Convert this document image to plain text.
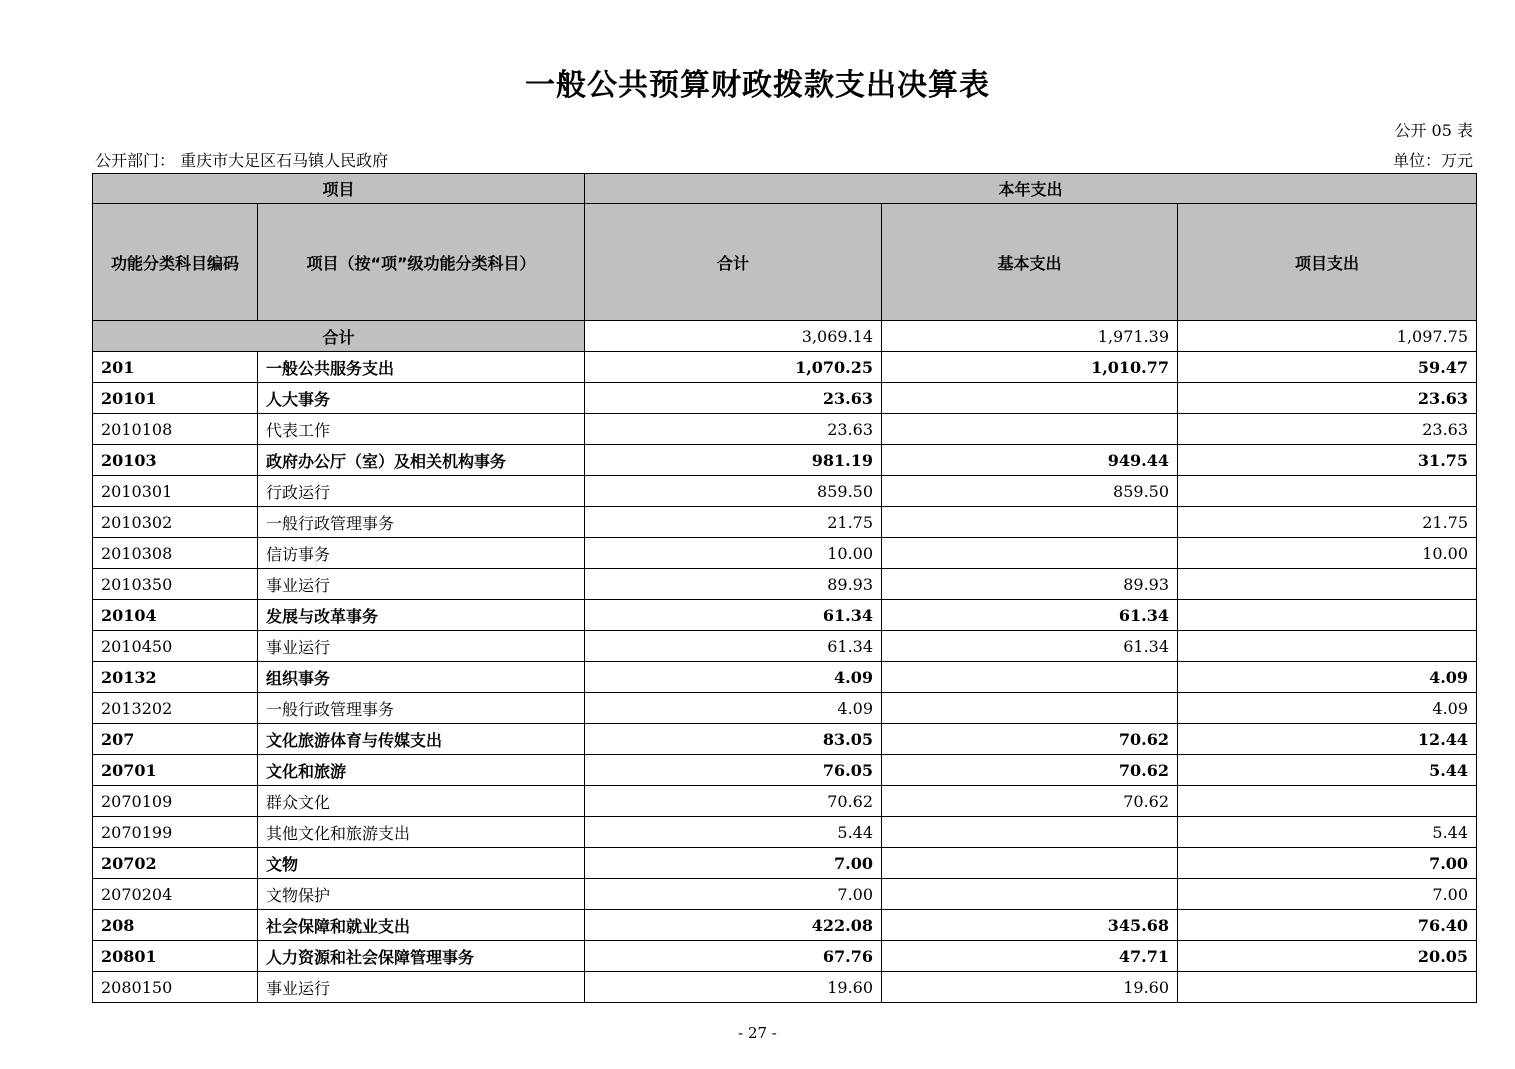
一般公共预算财政拨款支出决算表
公开 05 表
公开部门： 重庆市大足区石马镇人民政府	单位：万元
项目		本年支出		
功能分类科目编码	项目（按“项”级功能分类科目）	合计	基本支出	项目支出
合计		3,069.14	1,971.39	1,097.75
201	一般公共服务支出	1,070.25	1,010.77	59.47
20101	人大事务	23.63		23.63
2010108	代表工作	23.63		23.63
20103	政府办公厅（室）及相关机构事务	981.19	949.44	31.75
2010301	行政运行	859.50	859.50	
2010302	一般行政管理事务	21.75		21.75
2010308	信访事务	10.00		10.00
2010350	事业运行	89.93	89.93	
20104	发展与改革事务	61.34	61.34	
2010450	事业运行	61.34	61.34	
20132	组织事务	4.09		4.09
2013202	一般行政管理事务	4.09		4.09
207	文化旅游体育与传媒支出	83.05	70.62	12.44
20701	文化和旅游	76.05	70.62	5.44
2070109	群众文化	70.62	70.62	
2070199	其他文化和旅游支出	5.44		5.44
20702	文物	7.00		7.00
2070204	文物保护	7.00		7.00
208	社会保障和就业支出	422.08	345.68	76.40
20801	人力资源和社会保障管理事务	67.76	47.71	20.05
2080150	事业运行	19.60	19.60	
- 27 -
